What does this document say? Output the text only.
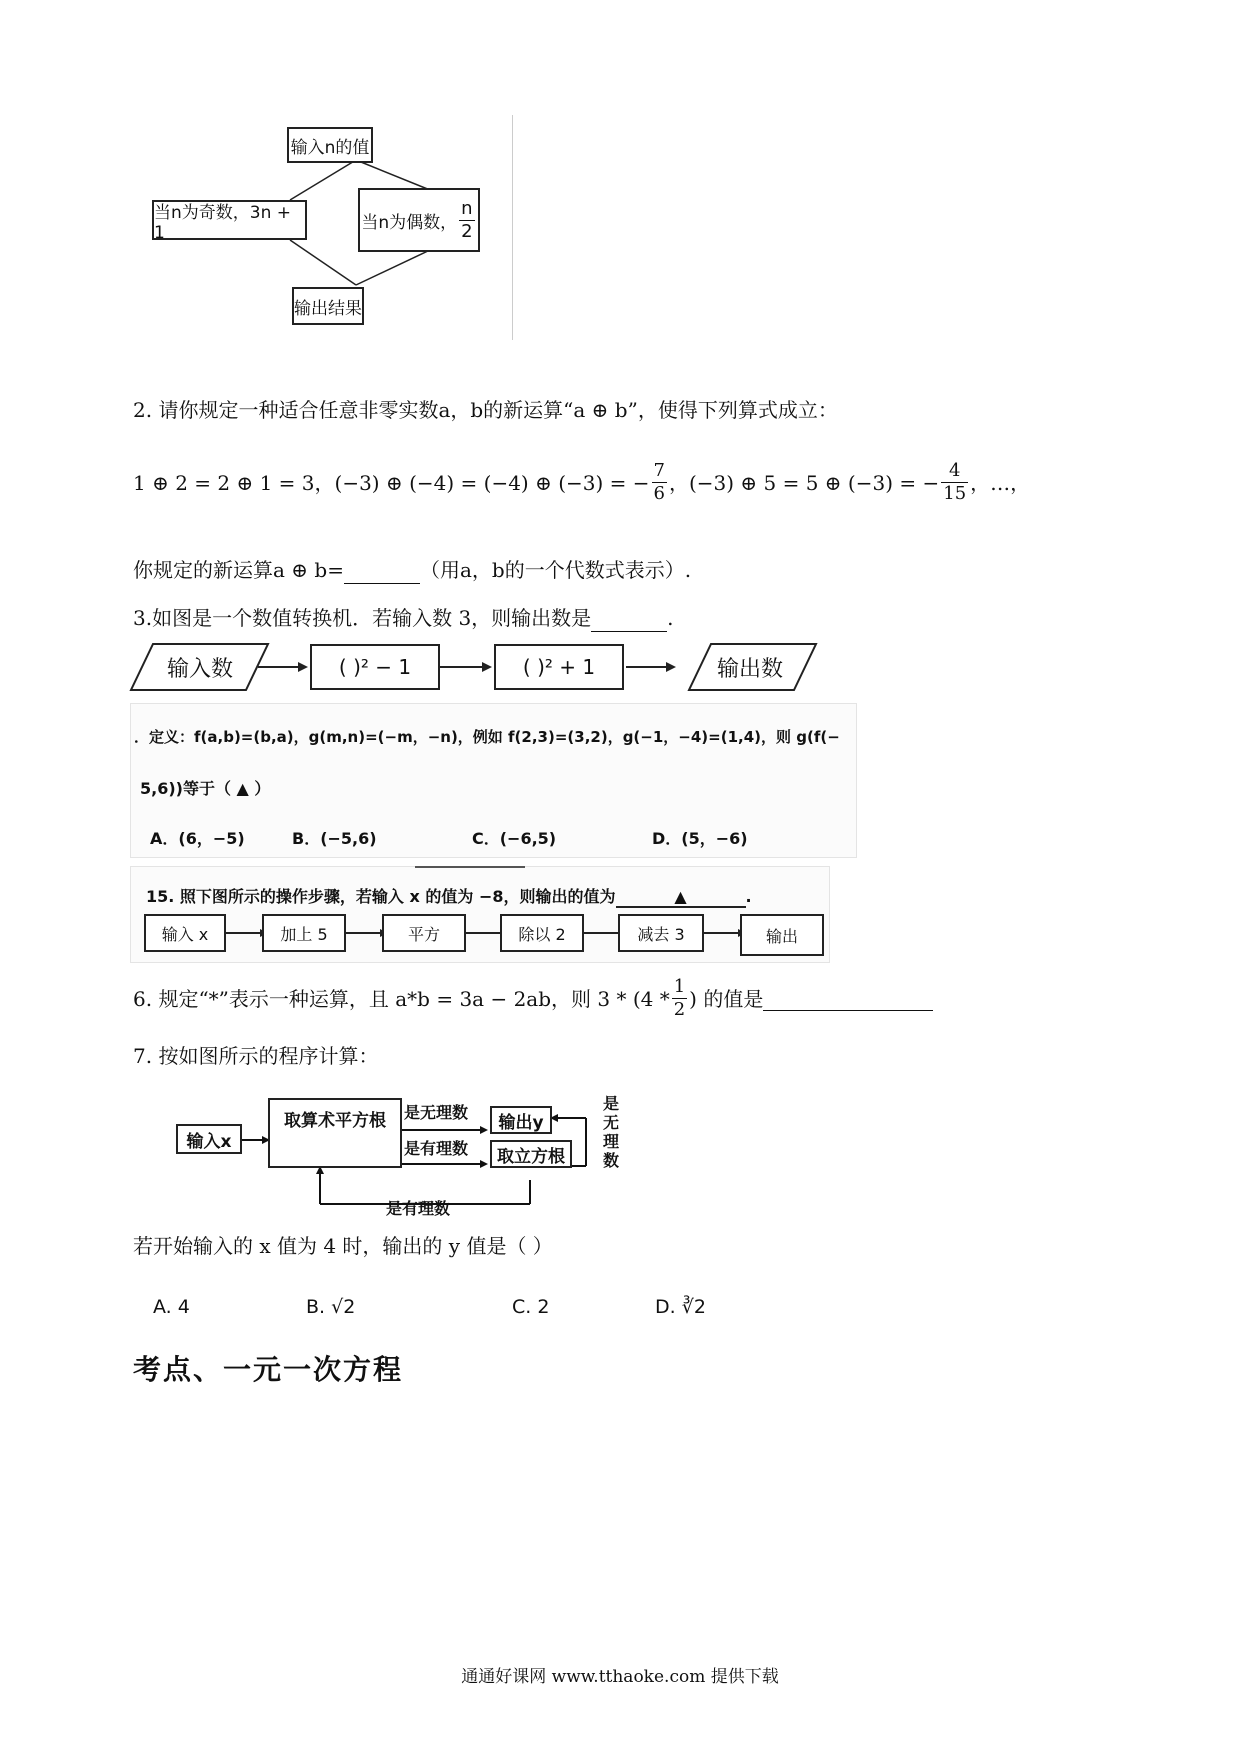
输入n的值
当n为奇数，3n + 1	当n为偶数， $\frac{n}{2}$
输出结果
2. 请你规定一种适合任意非零实数a，b的新运算“a ⊕ b”，使得下列算式成立：
1 ⊕ 2 = 2 ⊕ 1 = 3，(−3) ⊕ (−4) = (−4) ⊕ (−3) = − $\frac{7}{6}$ ，(−3) ⊕ 5 = 5 ⊕ (−3) = − $\frac{4}{15}$ ，…，
你规定的新运算a ⊕ b=	（用a，b的一个代数式表示）.
3.如图是一个数值转换机．若输入数 3，则输出数是	.
输入数	( )² − 1	( )² + 1	输出数
．定义：f(a,b)=(b,a)，g(m,n)=(−m，−n)，例如 f(2,3)=(3,2)，g(−1，−4)=(1,4)，则 g(f(−
5,6))等于（ ▲ ）
A．(6，−5)	B．(−5,6)	C．(−6,5)	D．(5，−6)
15. 照下图所示的操作步骤，若输入 x 的值为 −8，则输出的值为	▲	.
输入 x	加上 5	平方	除以 2	减去 3	输出
6. 规定“*”表示一种运算，且 a*b = 3a − 2ab，则 $3 * (4 * \frac{1}{2}$ ) 的值是
7. 按如图所示的程序计算：
输入x
取算术平方根	是无理数
是有理数
输出y
取立方根
是无理数
是有理数
若开始输入的 x 值为 4 时，输出的 y 值是（ ）
A. 4	B. √2	C. 2	D. ∛2
考点、一元一次方程
通通好课网 www.tthaoke.com 提供下载
